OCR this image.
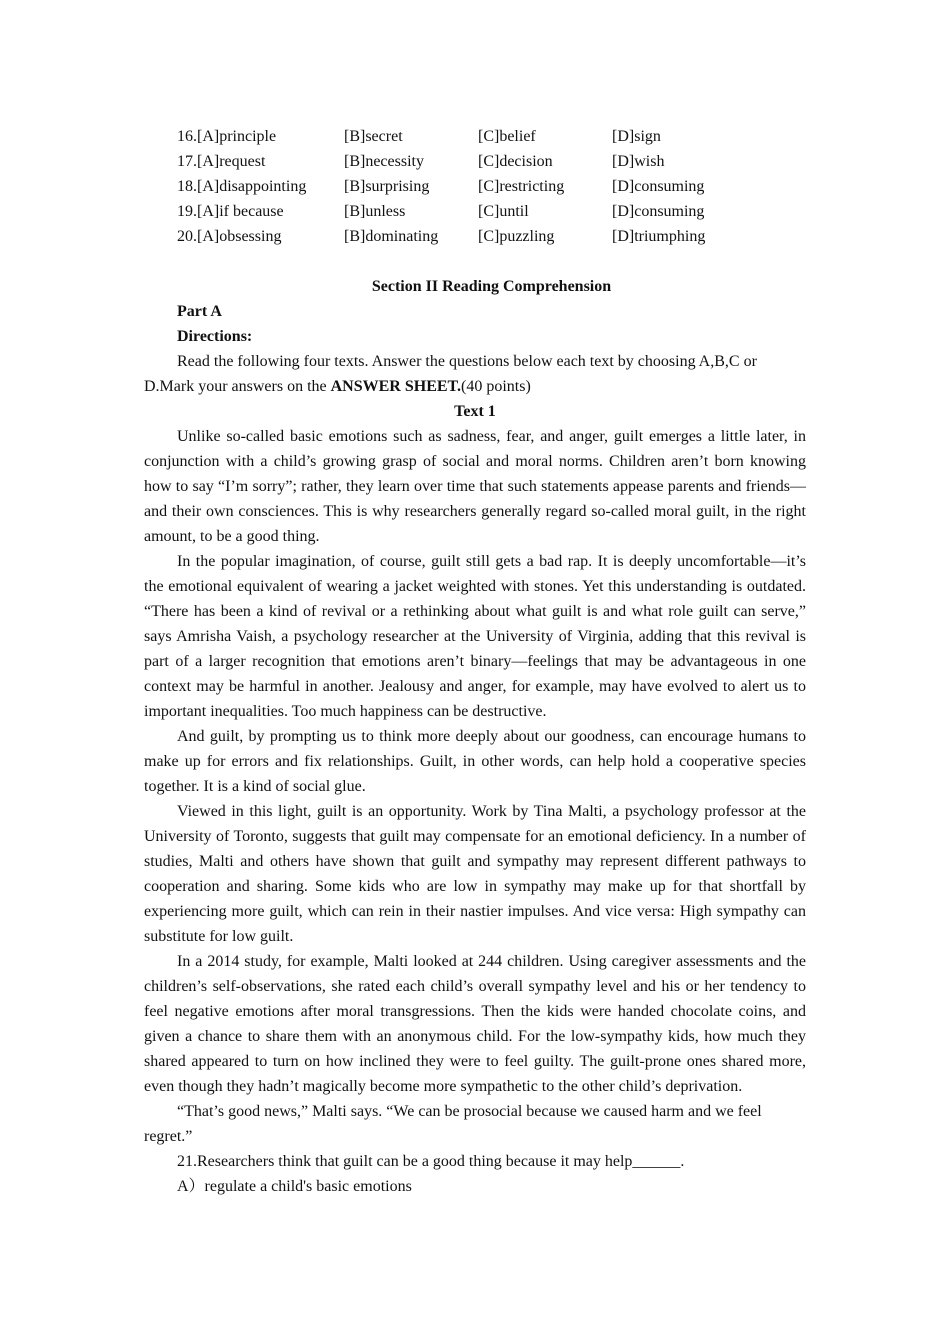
16.[A]principle	[B]secret	[C]belief	[D]sign
17.[A]request	[B]necessity	[C]decision	[D]wish
18.[A]disappointing	[B]surprising	[C]restricting	[D]consuming
19.[A]if because	[B]unless	[C]until	[D]consuming
20.[A]obsessing	[B]dominating	[C]puzzling	[D]triumphing
Section II Reading Comprehension
Part A
Directions:

Read the following four texts. Answer the questions below each text by choosing A,B,C or D.Mark your answers on the ANSWER SHEET.(40 points)

Text 1

Unlike so-called basic emotions such as sadness, fear, and anger, guilt emerges a little later, in conjunction with a child’s growing grasp of social and moral norms. Children aren’t born knowing how to say “I’m sorry”; rather, they learn over time that such statements appease parents and friends—and their own consciences. This is why researchers generally regard so-called moral guilt, in the right amount, to be a good thing.

In the popular imagination, of course, guilt still gets a bad rap. It is deeply uncomfortable—it’s the emotional equivalent of wearing a jacket weighted with stones. Yet this understanding is outdated. “There has been a kind of revival or a rethinking about what guilt is and what role guilt can serve,” says Amrisha Vaish, a psychology researcher at the University of Virginia, adding that this revival is part of a larger recognition that emotions aren’t binary—feelings that may be advantageous in one context may be harmful in another. Jealousy and anger, for example, may have evolved to alert us to important inequalities. Too much happiness can be destructive.

And guilt, by prompting us to think more deeply about our goodness, can encourage humans to make up for errors and fix relationships. Guilt, in other words, can help hold a cooperative species together. It is a kind of social glue.

Viewed in this light, guilt is an opportunity. Work by Tina Malti, a psychology professor at the University of Toronto, suggests that guilt may compensate for an emotional deficiency. In a number of studies, Malti and others have shown that guilt and sympathy may represent different pathways to cooperation and sharing. Some kids who are low in sympathy may make up for that shortfall by experiencing more guilt, which can rein in their nastier impulses. And vice versa: High sympathy can substitute for low guilt.

In a 2014 study, for example, Malti looked at 244 children. Using caregiver assessments and the children’s self-observations, she rated each child’s overall sympathy level and his or her tendency to feel negative emotions after moral transgressions. Then the kids were handed chocolate coins, and given a chance to share them with an anonymous child. For the low-sympathy kids, how much they shared appeared to turn on how inclined they were to feel guilty. The guilt-prone ones shared more, even though they hadn’t magically become more sympathetic to the other child’s deprivation.

“That’s good news,” Malti says. “We can be prosocial because we caused harm and we feel regret.”

21.Researchers think that guilt can be a good thing because it may help______.
A）regulate a child's basic emotions
